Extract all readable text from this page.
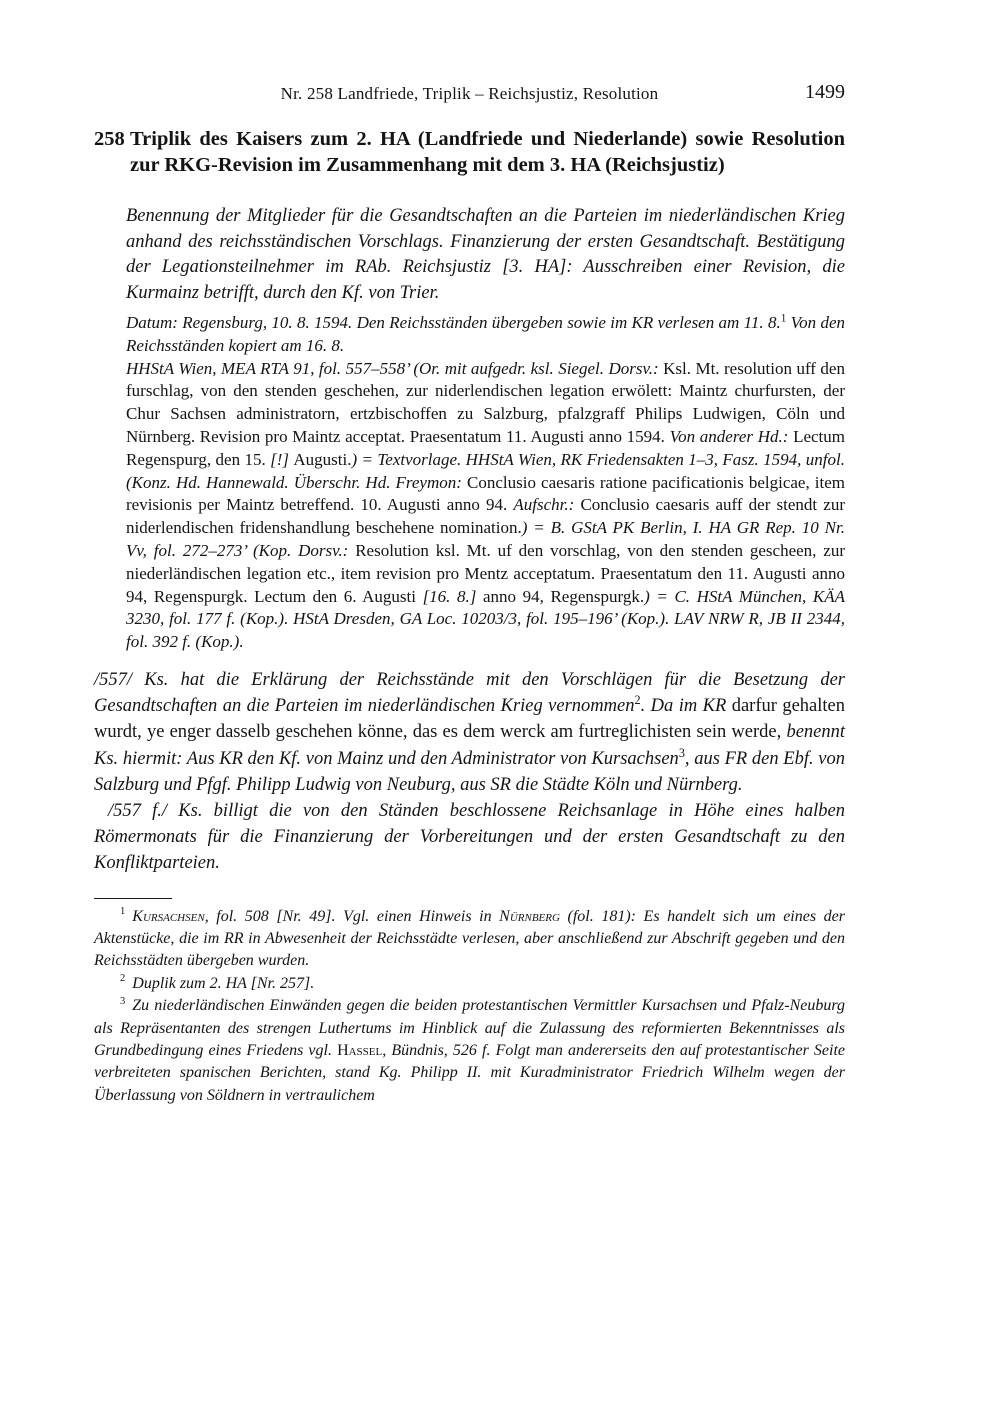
Nr. 258 Landfriede, Triplik – Reichsjustiz, Resolution	1499
258 Triplik des Kaisers zum 2. HA (Landfriede und Niederlande) sowie Resolution zur RKG-Revision im Zusammenhang mit dem 3. HA (Reichsjustiz)

Benennung der Mitglieder für die Gesandtschaften an die Parteien im niederländischen Krieg anhand des reichsständischen Vorschlags. Finanzierung der ersten Gesandtschaft. Bestätigung der Legationsteilnehmer im RAb. Reichsjustiz [3. HA]: Ausschreiben einer Revision, die Kurmainz betrifft, durch den Kf. von Trier.

Datum: Regensburg, 10. 8. 1594. Den Reichsständen übergeben sowie im KR verlesen am 11. 8.$^1$ Von den Reichsständen kopiert am 16. 8.

HHStA Wien, MEA RTA 91, fol. 557–558’ (Or. mit aufgedr. ksl. Siegel. Dorsv.: Ksl. Mt. resolution uff den furschlag, von den stenden geschehen, zur niderlendischen legation erwölett: Maintz churfursten, der Chur Sachsen administratorn, ertzbischoffen zu Salzburg, pfalzgraff Philips Ludwigen, Cöln und Nürnberg. Revision pro Maintz acceptat. Praesentatum 11. Augusti anno 1594. Von anderer Hd.: Lectum Regenspurg, den 15. [!] Augusti.) = Textvorlage. HHStA Wien, RK Friedensakten 1–3, Fasz. 1594, unfol. (Konz. Hd. Hannewald. Überschr. Hd. Freymon: Conclusio caesaris ratione pacificationis belgicae, item revisionis per Maintz betreffend. 10. Augusti anno 94. Aufschr.: Conclusio caesaris auff der stendt zur niderlendischen fridenshandlung beschehene nomination.) = B. GStA PK Berlin, I. HA GR Rep. 10 Nr. Vv, fol. 272–273’ (Kop. Dorsv.: Resolution ksl. Mt. uf den vorschlag, von den stenden gescheen, zur niederländischen legation etc., item revision pro Mentz acceptatum. Praesentatum den 11. Augusti anno 94, Regenspurgk. Lectum den 6. Augusti [16. 8.] anno 94, Regenspurgk.) = C. HStA München, KÄA 3230, fol. 177 f. (Kop.). HStA Dresden, GA Loc. 10203/3, fol. 195–196’ (Kop.). LAV NRW R, JB II 2344, fol. 392 f. (Kop.).

/557/ Ks. hat die Erklärung der Reichsstände mit den Vorschlägen für die Besetzung der Gesandtschaften an die Parteien im niederländischen Krieg vernommen$^2$. Da im KR darfur gehalten wurdt, ye enger dasselb geschehen könne, das es dem werck am furtreglichisten sein werde, benennt Ks. hiermit: Aus KR den Kf. von Mainz und den Administrator von Kursachsen$^3$, aus FR den Ebf. von Salzburg und Pfgf. Philipp Ludwig von Neuburg, aus SR die Städte Köln und Nürnberg.

/557 f./ Ks. billigt die von den Ständen beschlossene Reichsanlage in Höhe eines halben Römermonats für die Finanzierung der Vorbereitungen und der ersten Gesandtschaft zu den Konfliktparteien.

$^1$ Kursachsen, fol. 508 [Nr. 49]. Vgl. einen Hinweis in Nürnberg (fol. 181): Es handelt sich um eines der Aktenstücke, die im RR in Abwesenheit der Reichsstädte verlesen, aber anschließend zur Abschrift gegeben und den Reichsstädten übergeben wurden.

$^2$ Duplik zum 2. HA [Nr. 257].

$^3$ Zu niederländischen Einwänden gegen die beiden protestantischen Vermittler Kursachsen und Pfalz-Neuburg als Repräsentanten des strengen Luthertums im Hinblick auf die Zulassung des reformierten Bekenntnisses als Grundbedingung eines Friedens vgl. Hassel, Bündnis, 526 f. Folgt man andererseits den auf protestantischer Seite verbreiteten spanischen Berichten, stand Kg. Philipp II. mit Kuradministrator Friedrich Wilhelm wegen der Überlassung von Söldnern in vertraulichem
